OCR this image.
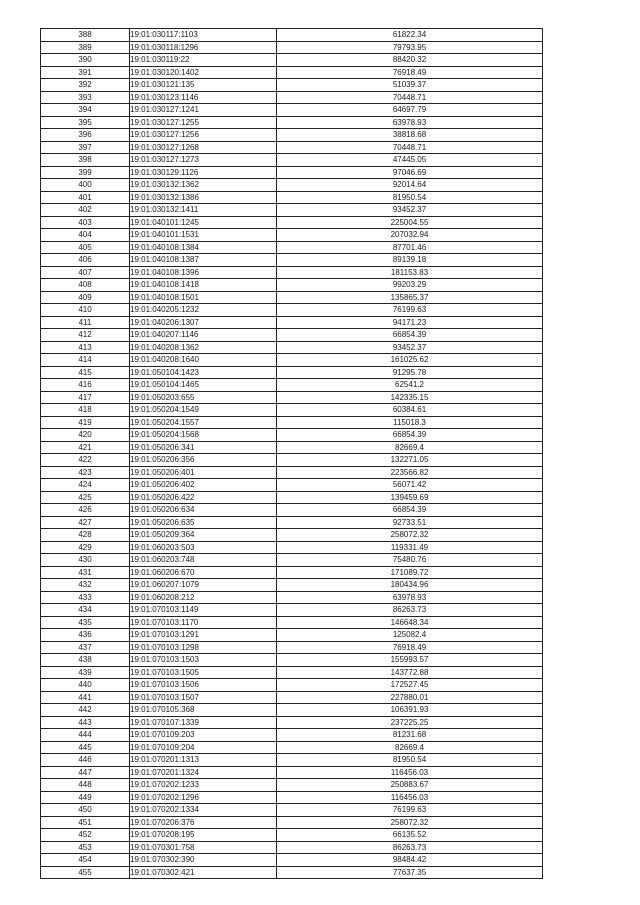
388	19:01:030117:1103	61822.34
389	19:01:030118:1296	79793.95
390	19:01:030119:22	88420.32
391	19:01:030120:1402	76918.49
392	19:01:030121:135	51039.37
393	19:01:030123:1146	70448.71
394	19:01:030127:1241	64697.79
395	19:01:030127:1255	63978.93
396	19:01:030127:1256	38818.68
397	19:01:030127:1268	70448.71
398	19:01:030127:1273	47445.05
399	19:01:030129:1126	97046.69
400	19:01:030132:1362	92014.64
401	19:01:030132:1386	81950.54
402	19:01:030132:1411	93452.37
403	19:01:040101:1245	225004.55
404	19:01:040101:1531	207032.94
405	19:01:040108:1384	87701.46
406	19:01:040108:1387	89139.18
407	19:01:040108:1396	181153.83
408	19:01:040108:1418	99203.29
409	19:01:040108:1501	135865.37
410	19:01:040205:1232	76199.63
411	19:01:040206:1307	94171.23
412	19:01:040207:1146	66854.39
413	19:01:040208:1362	93452.37
414	19:01:040208:1640	161025.62
415	19:01:050104:1423	91295.78
416	19:01:050104:1465	62541.2
417	19:01:050203:655	142335.15
418	19:01:050204:1549	60384.61
419	19:01:050204:1557	115018.3
420	19:01:050204:1568	66854.39
421	19:01:050206:341	82669.4
422	19:01:050206:356	132271.05
423	19:01:050206:401	223566.82
424	19:01:050206:402	56071.42
425	19:01:050206:422	139459.69
426	19:01:050206:634	66854.39
427	19:01:050206:635	92733.51
428	19:01:050209:364	258072.32
429	19:01:060203:503	119331.49
430	19:01:060203:748	75480.76
431	19:01:060206:670	171089.72
432	19:01:060207:1079	180434.96
433	19:01:060208:212	63978.93
434	19:01:070103:1149	86263.73
435	19:01:070103:1170	146648.34
436	19:01:070103:1291	125082.4
437	19:01:070103:1298	76918.49
438	19:01:070103:1503	155993.57
439	19:01:070103:1505	143772.88
440	19:01:070103:1506	172527.45
441	19:01:070103:1507	227880.01
442	19:01:070105:368	106391.93
443	19:01:070107:1339	237225.25
444	19:01:070109:203	81231.68
445	19:01:070109:204	82669.4
446	19:01:070201:1313	81950.54
447	19:01:070201:1324	116456.03
448	19:01:070202:1233	250883.67
449	19:01:070202:1296	116456.03
450	19:01:070202:1334	76199.63
451	19:01:070206:376	258072.32
452	19:01:070208:195	66135.52
453	19:01:070301:758	86263.73
454	19:01:070302:390	98484.42
455	19:01:070302:421	77637.35
